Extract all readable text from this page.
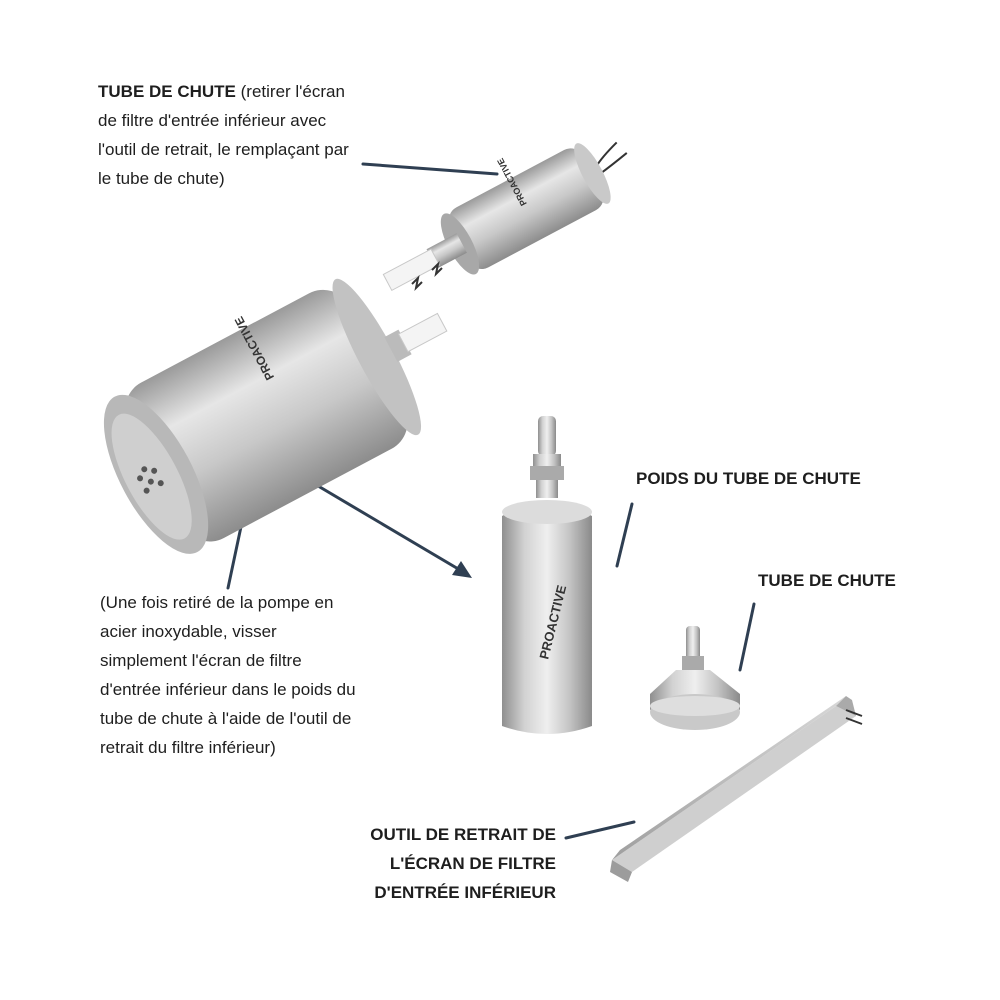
PROACTIVE
PROACTIVE
PROACTIVE
TUBE DE CHUTE (retirer l'écran de filtre d'entrée inférieur avec l'outil de retrait, le remplaçant par le tube de chute)
(Une fois retiré de la pompe en acier inoxydable, visser simplement l'écran de filtre d'entrée inférieur dans le poids du tube de chute à l'aide de l'outil de retrait du filtre inférieur)
POIDS DU TUBE DE CHUTE
TUBE DE CHUTE
OUTIL DE RETRAIT DE L'ÉCRAN DE FILTRE D'ENTRÉE INFÉRIEUR
